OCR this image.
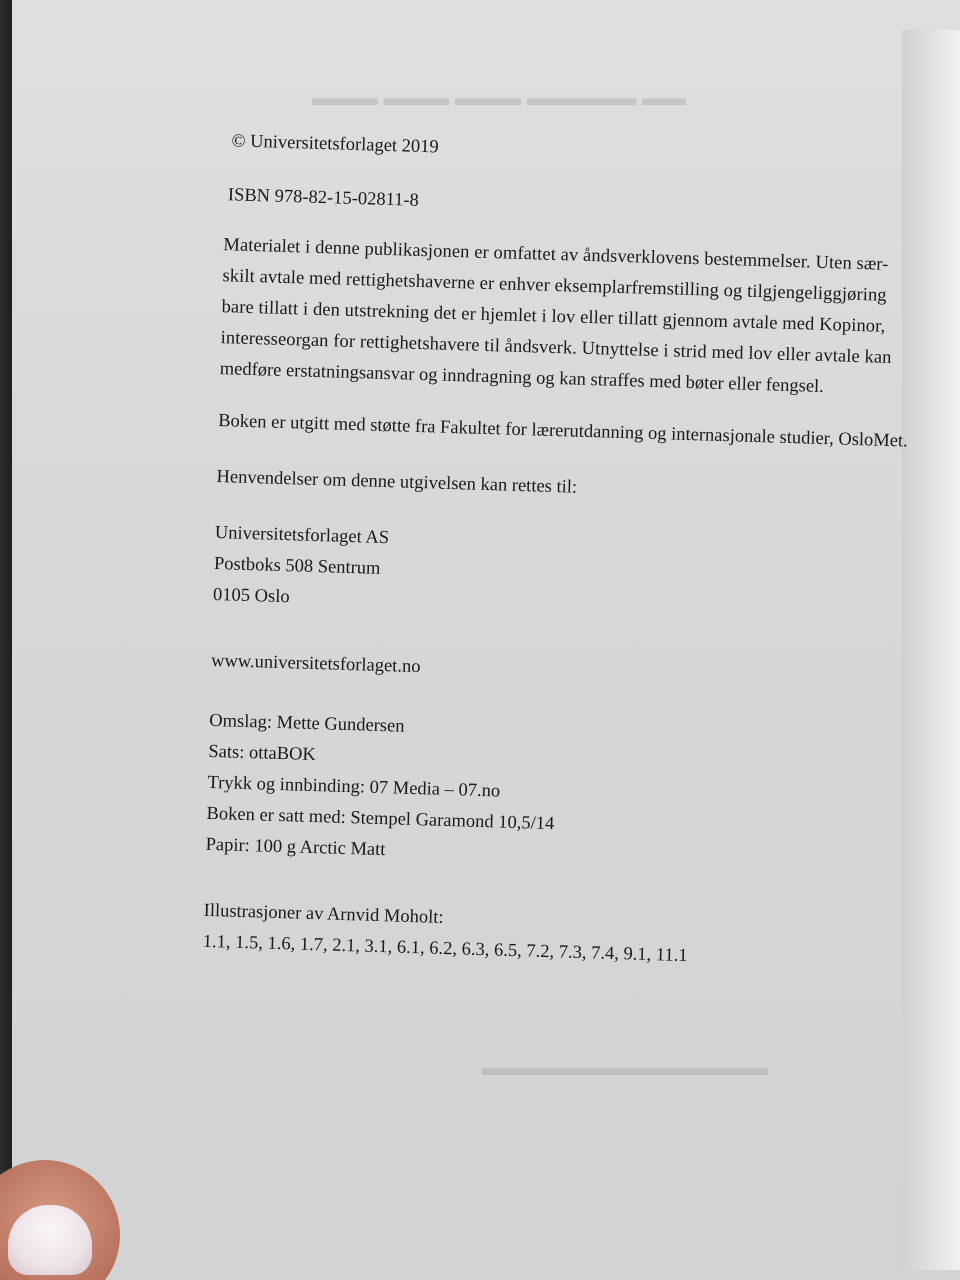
▬▬ ▬▬▬▬▬ ▬▬▬ ▬▬▬ ▬▬▬
▬▬▬▬▬▬▬▬▬▬▬▬▬
© Universitetsforlaget 2019
ISBN 978-82-15-02811-8

Materialet i denne publikasjonen er omfattet av åndsverklovens bestemmelser. Uten sær-

skilt avtale med rettighetshaverne er enhver eksemplarfremstilling og tilgjengeliggjøring

bare tillatt i den utstrekning det er hjemlet i lov eller tillatt gjennom avtale med Kopinor,

interesseorgan for rettighetshavere til åndsverk. Utnyttelse i strid med lov eller avtale kan

medføre erstatningsansvar og inndragning og kan straffes med bøter eller fengsel.

Boken er utgitt med støtte fra Fakultet for lærerutdanning og internasjonale studier, OsloMet.
Henvendelser om denne utgivelsen kan rettes til:

Universitetsforlaget AS

Postboks 508 Sentrum

0105 Oslo

www.universitetsforlaget.no

Omslag: Mette Gundersen

Sats: ottaBOK

Trykk og innbinding: 07 Media – 07.no

Boken er satt med: Stempel Garamond 10,5/14

Papir: 100 g Arctic Matt

Illustrasjoner av Arnvid Moholt:

1.1, 1.5, 1.6, 1.7, 2.1, 3.1, 6.1, 6.2, 6.3, 6.5, 7.2, 7.3, 7.4, 9.1, 11.1
